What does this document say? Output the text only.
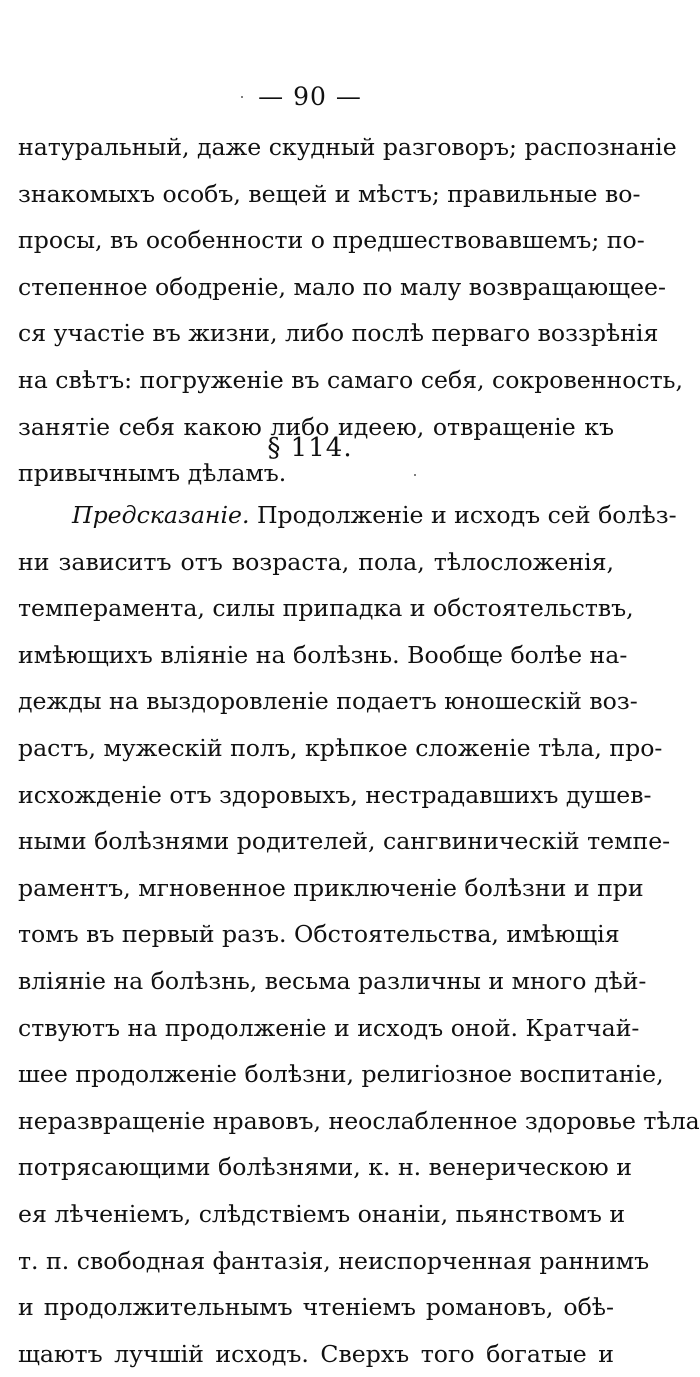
— 90 —
натуральный, даже скудный разговоръ; распознаніе
знакомыхъ особъ, вещей и мѣстъ; правильные во-
просы, въ особенности о предшествовавшемъ; по-
степенное ободреніе, мало по малу возвращающее-
ся участіе въ жизни, либо послѣ перваго воззрѣнія
на свѣтъ: погруженіе въ самаго себя, сокровенность,
занятіе себя какою либо идеею, отвращеніе къ
привычнымъ дѣламъ.
§ 114.
Предсказаніе. Продолженіе и исходъ сей болѣз-
ни зависитъ отъ возраста, пола, тѣлосложенія,
темперамента, силы припадка и обстоятельствъ,
имѣющихъ вліяніе на болѣзнь. Вообще болѣе на-
дежды на выздоровленіе подаетъ юношескій воз-
растъ, мужескій полъ, крѣпкое сложеніе тѣла, про-
исхожденіе отъ здоровыхъ, нестрадавшихъ душев-
ными болѣзнями родителей, сангвиническій темпе-
раментъ, мгновенное приключеніе болѣзни и при
томъ въ первый разъ. Обстоятельства, имѣющія
вліяніе на болѣзнь, весьма различны и много дѣй-
ствуютъ на продолженіе и исходъ оной. Кратчай-
шее продолженіе болѣзни, религіозное воспитаніе,
неразвращеніе нравовъ, неослабленное здоровье тѣла
потрясающими болѣзнями, к. н. венерическою и
ея лѣченіемъ, слѣдствіемъ онаніи, пьянствомъ и
т. п. свободная фантазія, неиспорченная раннимъ
и продолжительнымъ чтеніемъ романовъ, обѣ-
щаютъ лучшій исходъ. Сверхъ того богатые и
